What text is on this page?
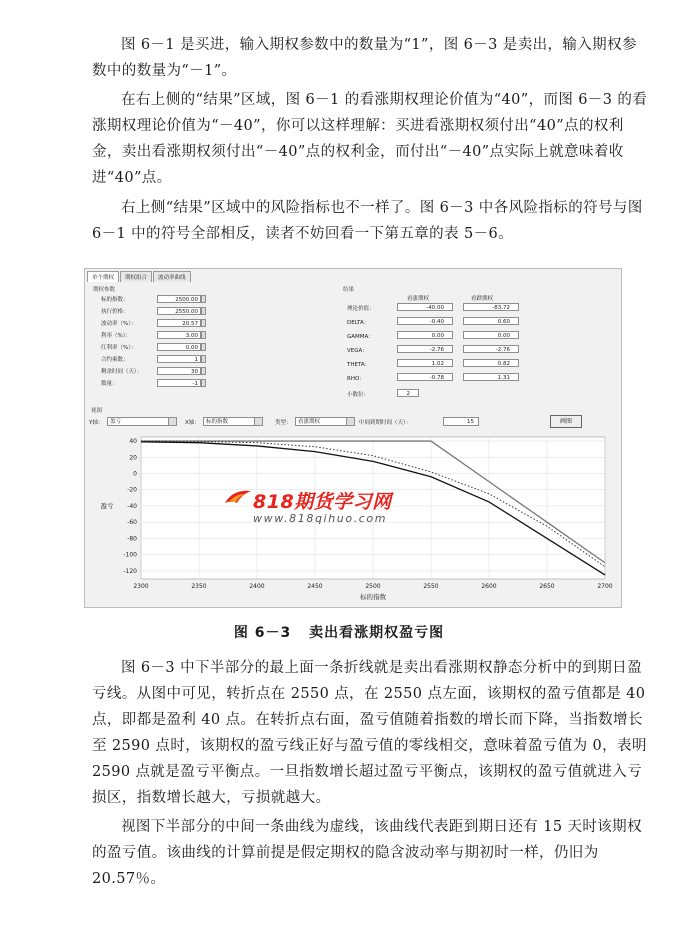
图 6－1 是买进，输入期权参数中的数量为“1”，图 6－3 是卖出，输入期权参数中的数量为“－1”。

在右上侧的“结果”区域，图 6－1 的看涨期权理论价值为“40”，而图 6－3 的看涨期权理论价值为“－40”，你可以这样理解：买进看涨期权须付出“40”点的权利金，卖出看涨期权须付出“－40”点的权利金，而付出“－40”点实际上就意味着收进“40”点。

右上侧“结果”区域中的风险指标也不一样了。图 6－3 中各风险指标的符号与图 6－1 中的符号全部相反，读者不妨回看一下第五章的表 5－6。

单个期权	期权组合	波动率曲线
期权参数
标的指数：	2500.00
执行价格：	2550.00
波动率（%）：	20.57
利率（%）：	3.00
红利率（%）：	0.00
合约乘数：	1
剩余时间（天）：	30
数量：	-1
结果
看涨期权	看跌期权
理论价值：	-40.00	-83.72
DELTA：	-0.40	0.60
GAMMA：	0.00	0.00
VEGA：	-2.76	-2.76
THETA：	1.02	0.82
RHO：	-0.78	1.31
小数位：	2
视图
Y轴：	盈亏	X轴：	标的指数	类型：	看涨期权	中间到期时间（天）：	15	画图
2300	2350	2400	2450	2500	2550	2600	2650	2700
40
20
0
-20
-40
-60
-80
-100
-120
标的指数
盈亏	818期货学习网
www.818qihuo.com
图 6－3 卖出看涨期权盈亏图

图 6－3 中下半部分的最上面一条折线就是卖出看涨期权静态分析中的到期日盈亏线。从图中可见，转折点在 2550 点，在 2550 点左面，该期权的盈亏值都是 40 点，即都是盈利 40 点。在转折点右面，盈亏值随着指数的增长而下降，当指数增长至 2590 点时，该期权的盈亏线正好与盈亏值的零线相交，意味着盈亏值为 0，表明 2590 点就是盈亏平衡点。一旦指数增长超过盈亏平衡点，该期权的盈亏值就进入亏损区，指数增长越大，亏损就越大。

视图下半部分的中间一条曲线为虚线，该曲线代表距到期日还有 15 天时该期权的盈亏值。该曲线的计算前提是假定期权的隐含波动率与期初时一样，仍旧为 20.57％。
